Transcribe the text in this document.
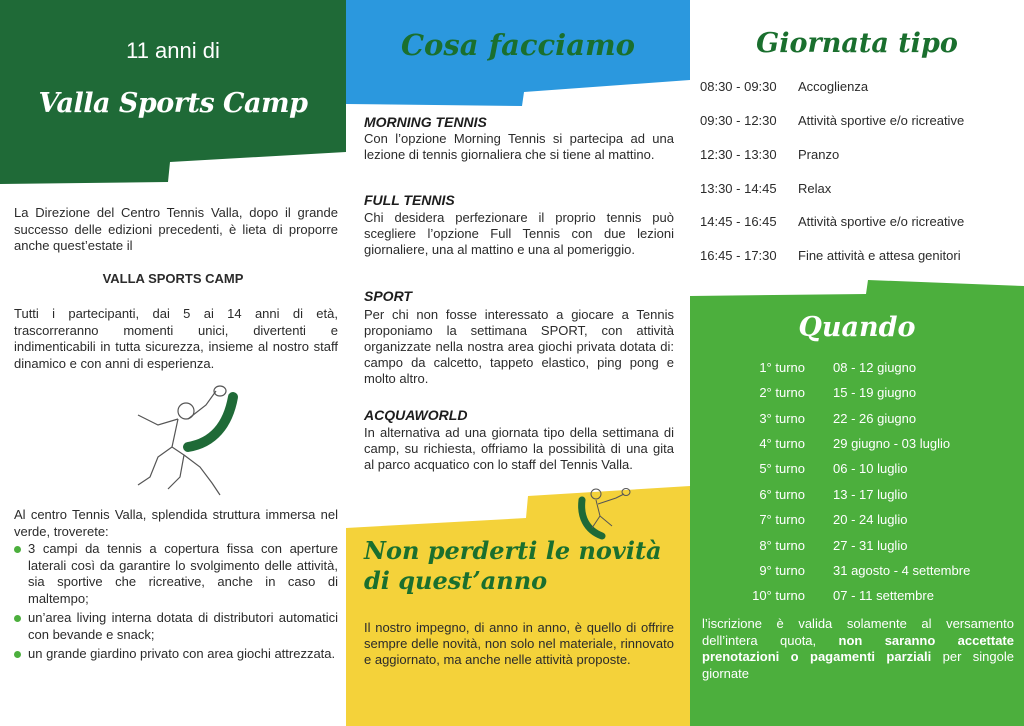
11 anni di
Valla Sports Camp

La Direzione del Centro Tennis Valla, dopo il grande successo delle edizioni precedenti, è lieta di proporre anche quest’estate il

VALLA SPORTS CAMP

Tutti i partecipanti, dai 5 ai 14 anni di età, trascorreranno momenti unici, divertenti e indimenticabili in tutta sicurezza, insieme al nostro staff dinamico e con anni di esperienza.

Al centro Tennis Valla, splendida struttura immersa nel verde, troverete:

3 campi da tennis a copertura fissa con aperture laterali così da garantire lo svolgimento delle attività, sia sportive che ricreative, anche in caso di maltempo;
un’area living interna dotata di distributori automatici con bevande e snack;
un grande giardino privato con area giochi attrezzata.
Cosa facciamo
MORNING TENNIS

Con l’opzione Morning Tennis si partecipa ad una lezione di tennis giornaliera che si tiene al mattino.

FULL TENNIS

Chi desidera perfezionare il proprio tennis può scegliere l’opzione Full Tennis con due lezioni giornaliere, una al mattino e una al pomeriggio.

SPORT

Per chi non fosse interessato a giocare a Tennis proponiamo la settimana SPORT, con attività organizzate nella nostra area giochi privata dotata di: campo da calcetto, tappeto elastico, ping pong e molto altro.

ACQUAWORLD

In alternativa ad una giornata tipo della settimana di camp, su richiesta, offriamo la possibilità di una gita al parco acquatico con lo staff del Tennis Valla.

Non perderti le novità
di quest’anno

Il nostro impegno, di anno in anno, è quello di offrire sempre delle novità, non solo nel materiale, rinnovato e aggiornato, ma anche nelle attività proposte.

Giornata tipo
08:30 - 09:30	Accoglienza
09:30 - 12:30	Attività sportive e/o ricreative
12:30 - 13:30	Pranzo
13:30 - 14:45	Relax
14:45 - 16:45	Attività sportive e/o ricreative
16:45 - 17:30	Fine attività e attesa genitori
Quando
1° turno 08 - 12 giugno
2° turno 15 - 19 giugno
3° turno 22 - 26 giugno
4° turno 29 giugno - 03 luglio
5° turno 06 - 10 luglio
6° turno 13 - 17 luglio
7° turno 20 - 24 luglio
8° turno 27 - 31 luglio
9° turno 31 agosto - 4 settembre
10° turno 07 - 11 settembre

l’iscrizione è valida solamente al versamento dell’intera quota, non saranno accettate prenotazioni o pagamenti parziali per singole giornate
